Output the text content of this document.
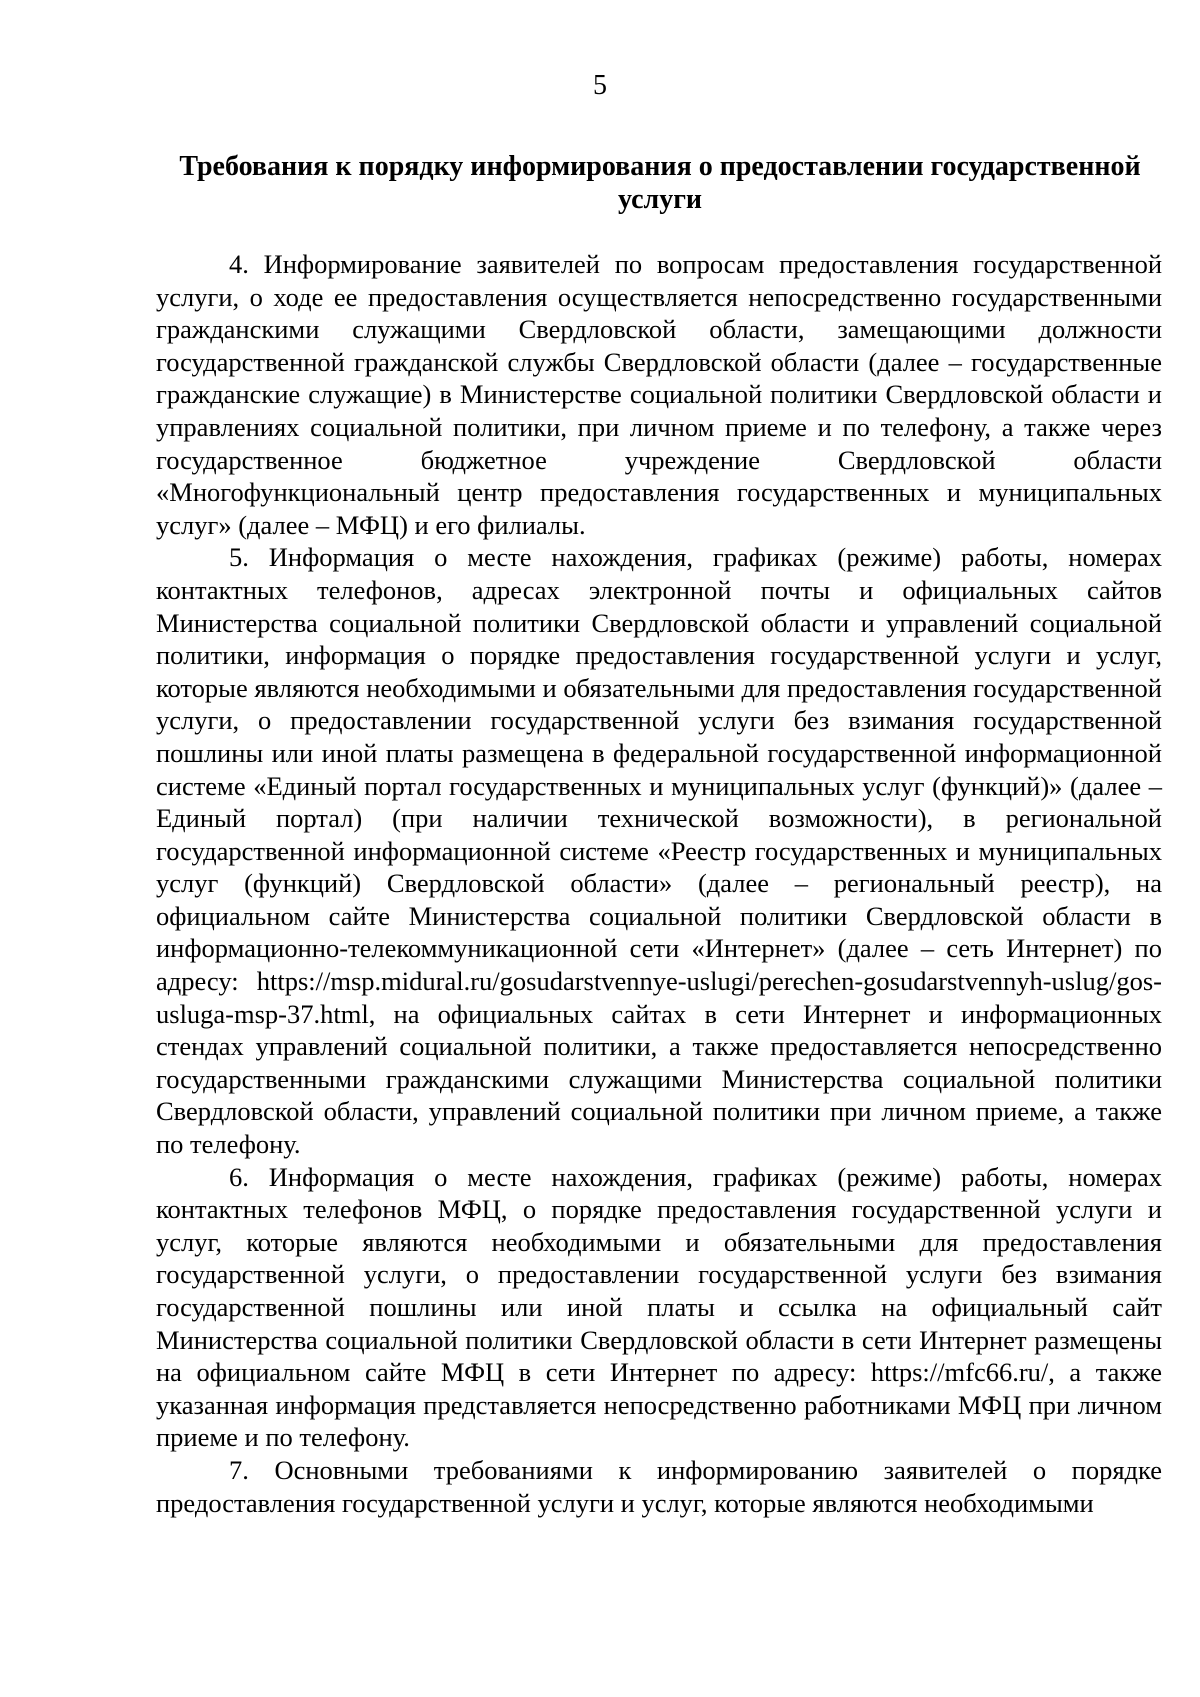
5
Требования к порядку информирования о предоставлении государственной услуги

4. Информирование заявителей по вопросам предоставления государственной услуги, о ходе ее предоставления осуществляется непосредственно государственными гражданскими служащими Свердловской области, замещающими должности государственной гражданской службы Свердловской области (далее – государственные гражданские служащие) в Министерстве социальной политики Свердловской области и управлениях социальной политики, при личном приеме и по телефону, а также через государственное бюджетное учреждение Свердловской области «Многофункциональный центр предоставления государственных и муниципальных услуг» (далее – МФЦ) и его филиалы.

5. Информация о месте нахождения, графиках (режиме) работы, номерах контактных телефонов, адресах электронной почты и официальных сайтов Министерства социальной политики Свердловской области и управлений социальной политики, информация о порядке предоставления государственной услуги и услуг, которые являются необходимыми и обязательными для предоставления государственной услуги, о предоставлении государственной услуги без взимания государственной пошлины или иной платы размещена в федеральной государственной информационной системе «Единый портал государственных и муниципальных услуг (функций)» (далее – Единый портал) (при наличии технической возможности), в региональной государственной информационной системе «Реестр государственных и муниципальных услуг (функций) Свердловской области» (далее – региональный реестр), на официальном сайте Министерства социальной политики Свердловской области в информационно-телекоммуникационной сети «Интернет» (далее – сеть Интернет) по адресу: https://msp.midural.ru/gosudarstvennye-uslugi/perechen-gosudarstvennyh-uslug/gos-usluga-msp-37.html, на официальных сайтах в сети Интернет и информационных стендах управлений социальной политики, а также предоставляется непосредственно государственными гражданскими служащими Министерства социальной политики Свердловской области, управлений социальной политики при личном приеме, а также по телефону.

6. Информация о месте нахождения, графиках (режиме) работы, номерах контактных телефонов МФЦ, о порядке предоставления государственной услуги и услуг, которые являются необходимыми и обязательными для предоставления государственной услуги, о предоставлении государственной услуги без взимания государственной пошлины или иной платы и ссылка на официальный сайт Министерства социальной политики Свердловской области в сети Интернет размещены на официальном сайте МФЦ в сети Интернет по адресу: https://mfc66.ru/, а также указанная информация представляется непосредственно работниками МФЦ при личном приеме и по телефону.

7. Основными требованиями к информированию заявителей о порядке предоставления государственной услуги и услуг, которые являются необходимыми
